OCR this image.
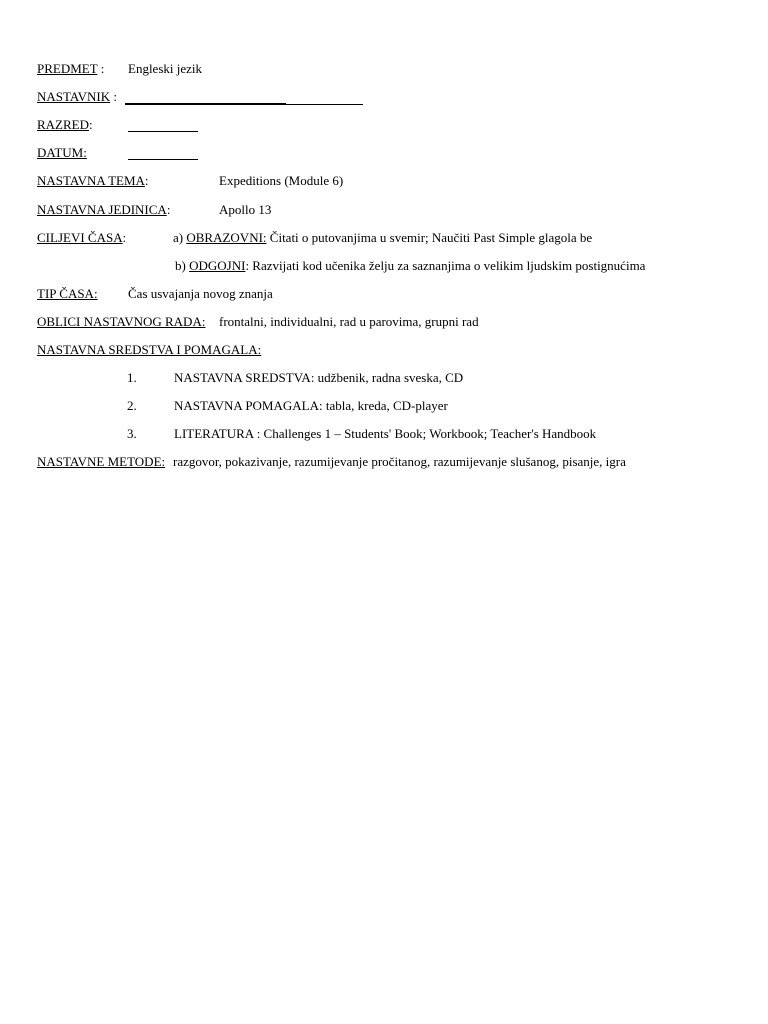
PREDMET : Engleski jezik
NASTAVNIK :
RAZRED:
DATUM:
NASTAVNA TEMA:	Expeditions (Module 6)
NASTAVNA JEDINICA:	Apollo 13
CILJEVI ČASA:	a) OBRAZOVNI: Čitati o putovanjima u svemir; Naučiti Past Simple glagola be
b) ODGOJNI: Razvijati kod učenika želju za saznanjima o velikim ljudskim postignućima
TIP ČASA: Čas usvajanja novog znanja
OBLICI NASTAVNOG RADA: frontalni, individualni, rad u parovima, grupni rad
NASTAVNA SREDSTVA I POMAGALA:
1.	NASTAVNA SREDSTVA: udžbenik, radna sveska, CD
2.	NASTAVNA POMAGALA: tabla, kreda, CD-player
3.	LITERATURA : Challenges 1 – Students' Book; Workbook; Teacher's Handbook
NASTAVNE METODE: razgovor, pokazivanje, razumijevanje pročitanog, razumijevanje slušanog, pisanje, igra
